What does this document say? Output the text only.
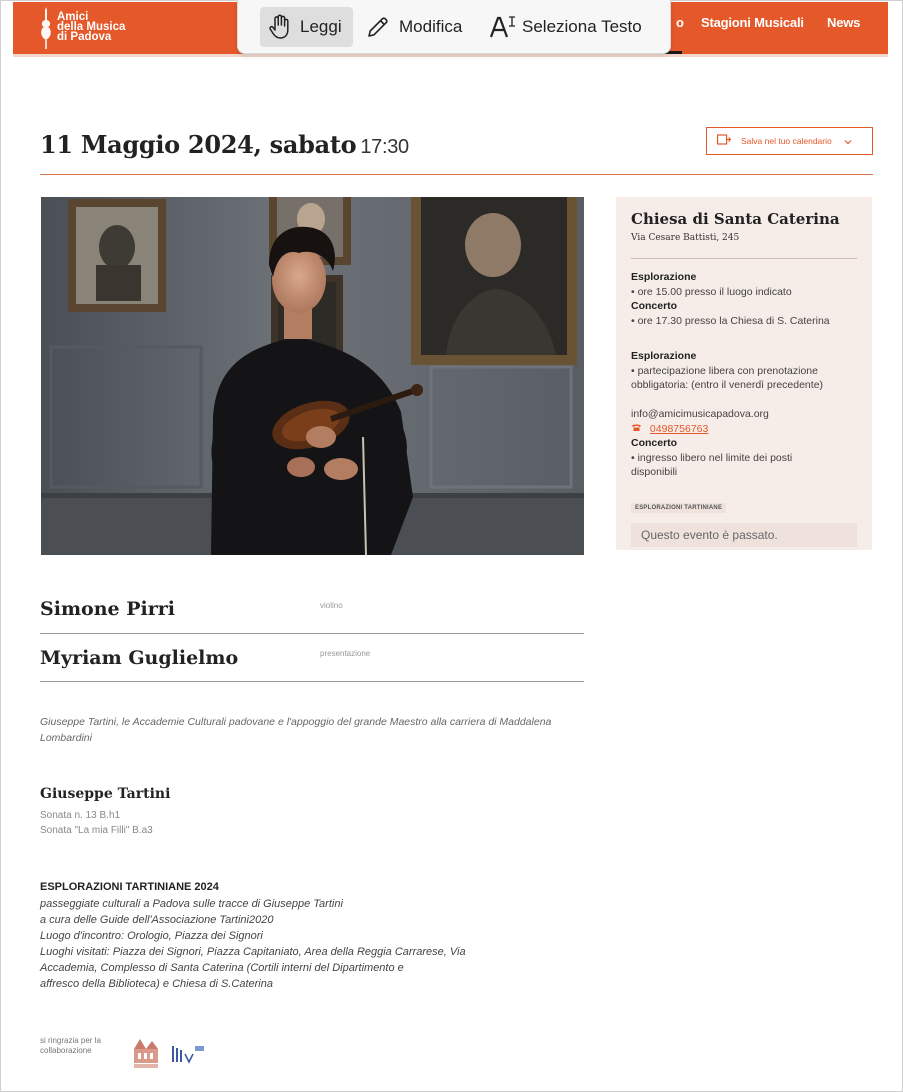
Amici
della Musica
di Padova
o Stagioni Musicali News
Leggi	Modifica	Seleziona Testo
11 Maggio 2024, sabato 17:30	Salva nel tuo calendario
Chiesa di Santa Caterina
Via Cesare Battisti, 245
Esplorazione
• ore 15.00 presso il luogo indicato
Concerto
• ore 17.30 presso la Chiesa di S. Caterina
Esplorazione
• partecipazione libera con prenotazione
obbligatoria: (entro il venerdì precedente)
info@amicimusicapadova.org
0498756763
Concerto
• ingresso libero nel limite dei posti
disponibili
ESPLORAZIONI TARTINIANE
Questo evento è passato.
Simone Pirri	violino
Myriam Guglielmo	presentazione
Giuseppe Tartini, le Accademie Culturali padovane e l'appoggio del grande Maestro alla carriera di Maddalena Lombardini
Giuseppe Tartini
Sonata n. 13 B.h1
Sonata "La mia Filli" B.a3
ESPLORAZIONI TARTINIANE 2024
passeggiate culturali a Padova sulle tracce di Giuseppe Tartini
a cura delle Guide dell'Associazione Tartini2020
Luogo d'incontro: Orologio, Piazza dei Signori
Luoghi visitati: Piazza dei Signori, Piazza Capitaniato, Area della Reggia Carrarese, Via
Accademia, Complesso di Santa Caterina (Cortili interni del Dipartimento e
affresco della Biblioteca) e Chiesa di S.Caterina
si ringrazia per la
collaborazione
